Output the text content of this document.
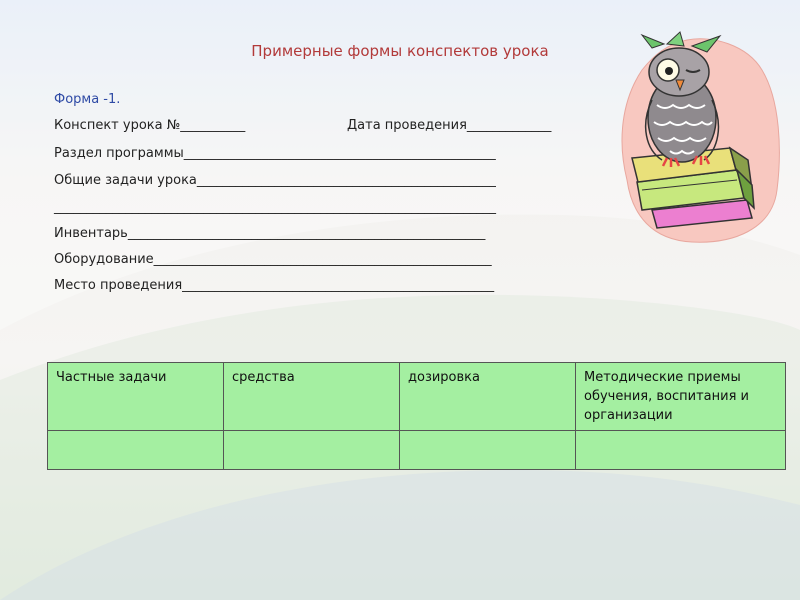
Примерные формы конспектов урока
Форма -1.
Конспект урока №__________	Дата проведения_____________
Раздел программы________________________________________________
Общие задачи урока______________________________________________
____________________________________________________________________
Инвентарь_______________________________________________________
Оборудование____________________________________________________
Место проведения________________________________________________
Частные задачи	средства	дозировка	Методические приемы обучения, воспитания и организации
